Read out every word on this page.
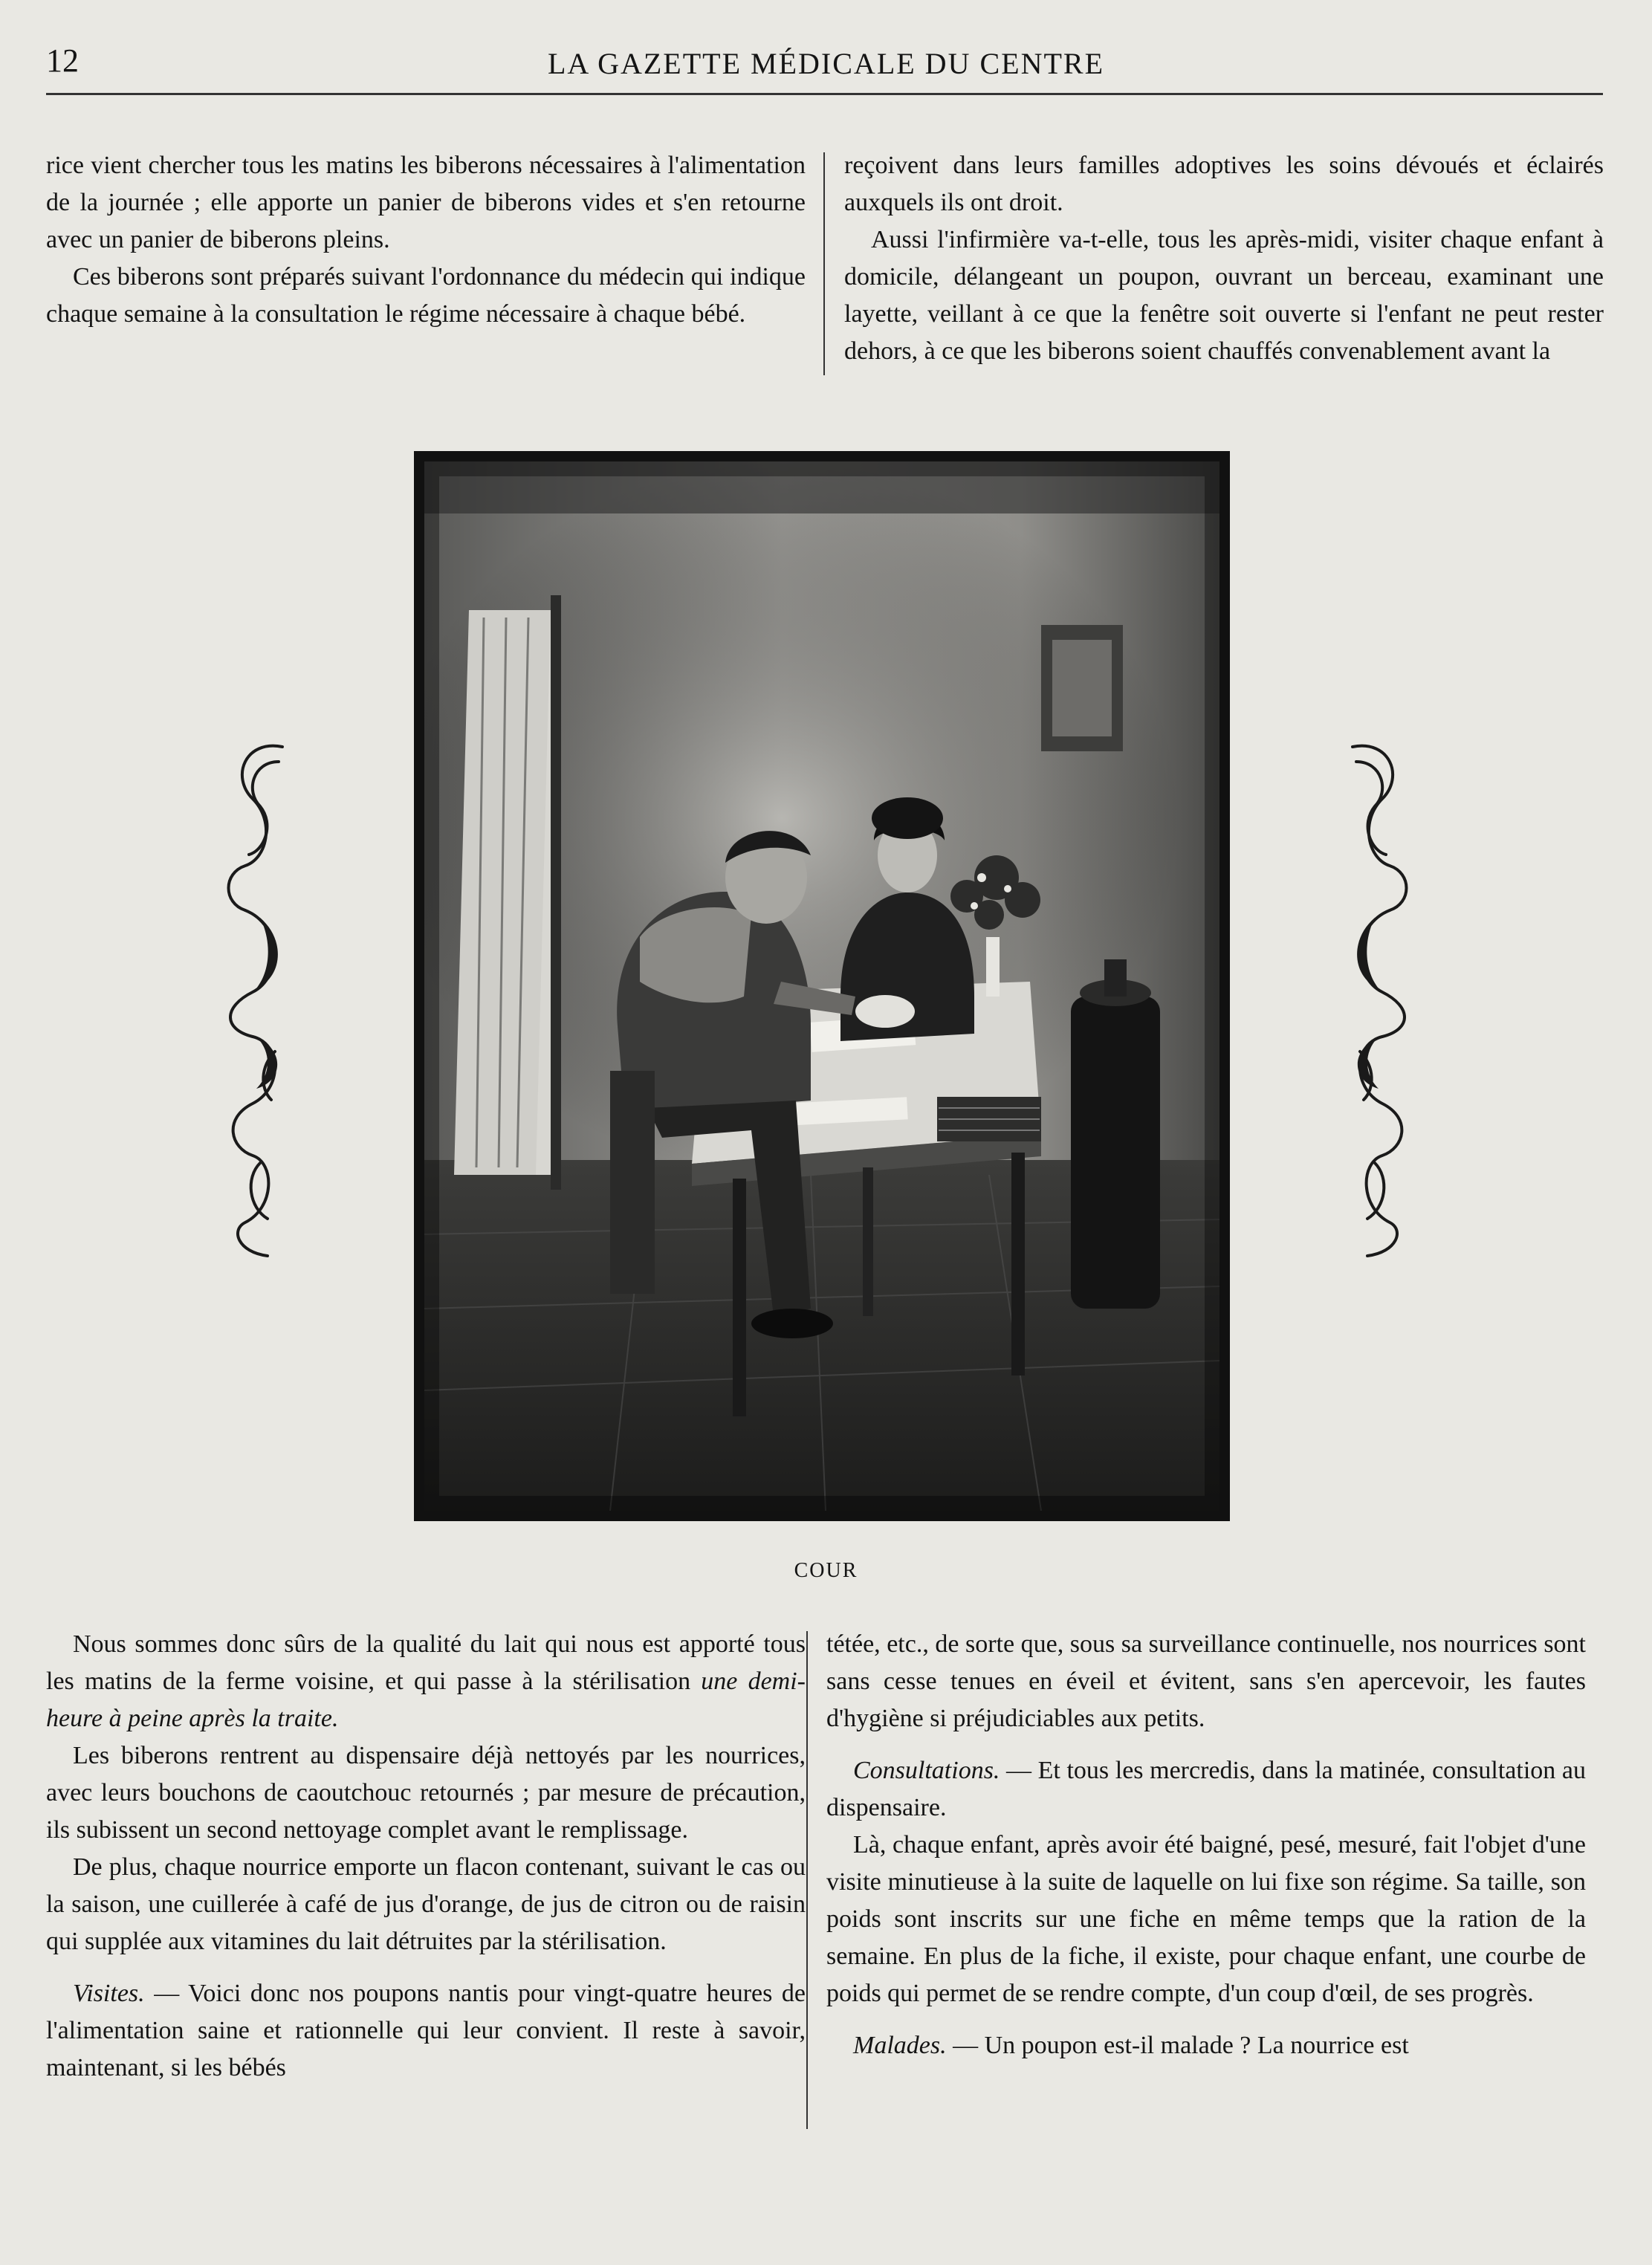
12	LA GAZETTE MÉDICALE DU CENTRE

rice vient chercher tous les matins les biberons nécessaires à l'alimentation de la journée ; elle apporte un panier de biberons vides et s'en retourne avec un panier de biberons pleins.

Ces biberons sont préparés suivant l'ordonnance du médecin qui indique chaque semaine à la consultation le régime nécessaire à chaque bébé.

reçoivent dans leurs familles adoptives les soins dévoués et éclairés auxquels ils ont droit.

Aussi l'infirmière va-t-elle, tous les après-midi, visiter chaque enfant à domicile, délangeant un poupon, ouvrant un berceau, examinant une layette, veillant à ce que la fenêtre soit ouverte si l'enfant ne peut rester dehors, à ce que les biberons soient chauffés convenablement avant la

COUR

Nous sommes donc sûrs de la qualité du lait qui nous est apporté tous les matins de la ferme voisine, et qui passe à la stérilisation une demi-heure à peine après la traite.

Les biberons rentrent au dispensaire déjà nettoyés par les nourrices, avec leurs bouchons de caoutchouc retournés ; par mesure de précaution, ils subissent un second nettoyage complet avant le remplissage.

De plus, chaque nourrice emporte un flacon contenant, suivant le cas ou la saison, une cuillerée à café de jus d'orange, de jus de citron ou de raisin qui supplée aux vitamines du lait détruites par la stérilisation.

Visites. — Voici donc nos poupons nantis pour vingt-quatre heures de l'alimentation saine et rationnelle qui leur convient. Il reste à savoir, maintenant, si les bébés

tétée, etc., de sorte que, sous sa surveillance continuelle, nos nourrices sont sans cesse tenues en éveil et évitent, sans s'en apercevoir, les fautes d'hygiène si préjudiciables aux petits.

Consultations. — Et tous les mercredis, dans la matinée, consultation au dispensaire.

Là, chaque enfant, après avoir été baigné, pesé, mesuré, fait l'objet d'une visite minutieuse à la suite de laquelle on lui fixe son régime. Sa taille, son poids sont inscrits sur une fiche en même temps que la ration de la semaine. En plus de la fiche, il existe, pour chaque enfant, une courbe de poids qui permet de se rendre compte, d'un coup d'œil, de ses progrès.

Malades. — Un poupon est-il malade ? La nourrice est
